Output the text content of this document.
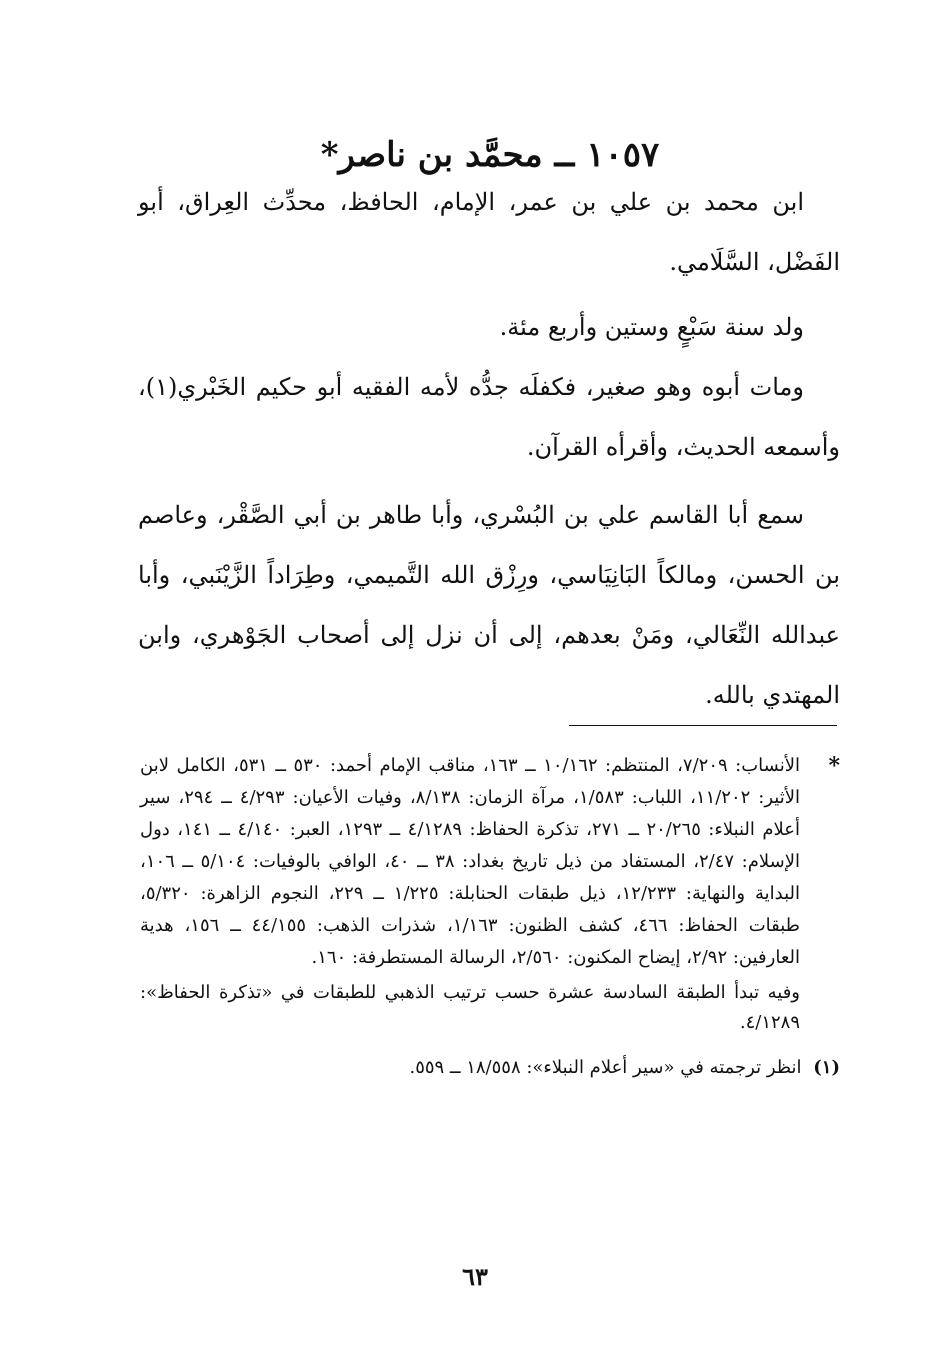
١٠٥٧ ــ محمَّد بن ناصر*

ابن محمد بن علي بن عمر، الإمام، الحافظ، محدِّث العِراق، أبو الفَضْل، السَّلَامي.

ولد سنة سَبْعٍ وستين وأربع مئة.

ومات أبوه وهو صغير، فكفلَه جدُّه لأمه الفقيه أبو حكيم الخَبْري(١)، وأسمعه الحديث، وأقرأه القرآن.

سمع أبا القاسم علي بن البُسْري، وأبا طاهر بن أبي الصَّقْر، وعاصم بن الحسن، ومالكاً البَانِيَاسي، ورِزْق الله التَّميمي، وطِرَاداً الزَّيْنَبي، وأبا عبدالله النِّعَالي، ومَنْ بعدهم، إلى أن نزل إلى أصحاب الجَوْهري، وابن المهتدي بالله.

*
الأنساب: ٧/٢٠٩، المنتظم: ١٠/١٦٢ ــ ١٦٣، مناقب الإمام أحمد: ٥٣٠ ــ ٥٣١، الكامل لابن الأثير: ١١/٢٠٢، اللباب: ١/٥٨٣، مرآة الزمان: ٨/١٣٨، وفيات الأعيان: ٤/٢٩٣ ــ ٢٩٤، سير أعلام النبلاء: ٢٠/٢٦٥ ــ ٢٧١، تذكرة الحفاظ: ٤/١٢٨٩ ــ ١٢٩٣، العبر: ٤/١٤٠ ــ ١٤١، دول الإسلام: ٢/٤٧، المستفاد من ذيل تاريخ بغداد: ٣٨ ــ ٤٠، الوافي بالوفيات: ٥/١٠٤ ــ ١٠٦، البداية والنهاية: ١٢/٢٣٣، ذيل طبقات الحنابلة: ١/٢٢٥ ــ ٢٢٩، النجوم الزاهرة: ٥/٣٢٠، طبقات الحفاظ: ٤٦٦، كشف الظنون: ١/١٦٣، شذرات الذهب: ٤٤/١٥٥ ــ ١٥٦، هدية العارفين: ٢/٩٢، إيضاح المكنون: ٢/٥٦٠، الرسالة المستطرفة: ١٦٠.

وفيه تبدأ الطبقة السادسة عشرة حسب ترتيب الذهبي للطبقات في «تذكرة الحفاظ»: ٤/١٢٨٩.

(١) انظر ترجمته في «سير أعلام النبلاء»: ١٨/٥٥٨ ــ ٥٥٩.

٦٣
